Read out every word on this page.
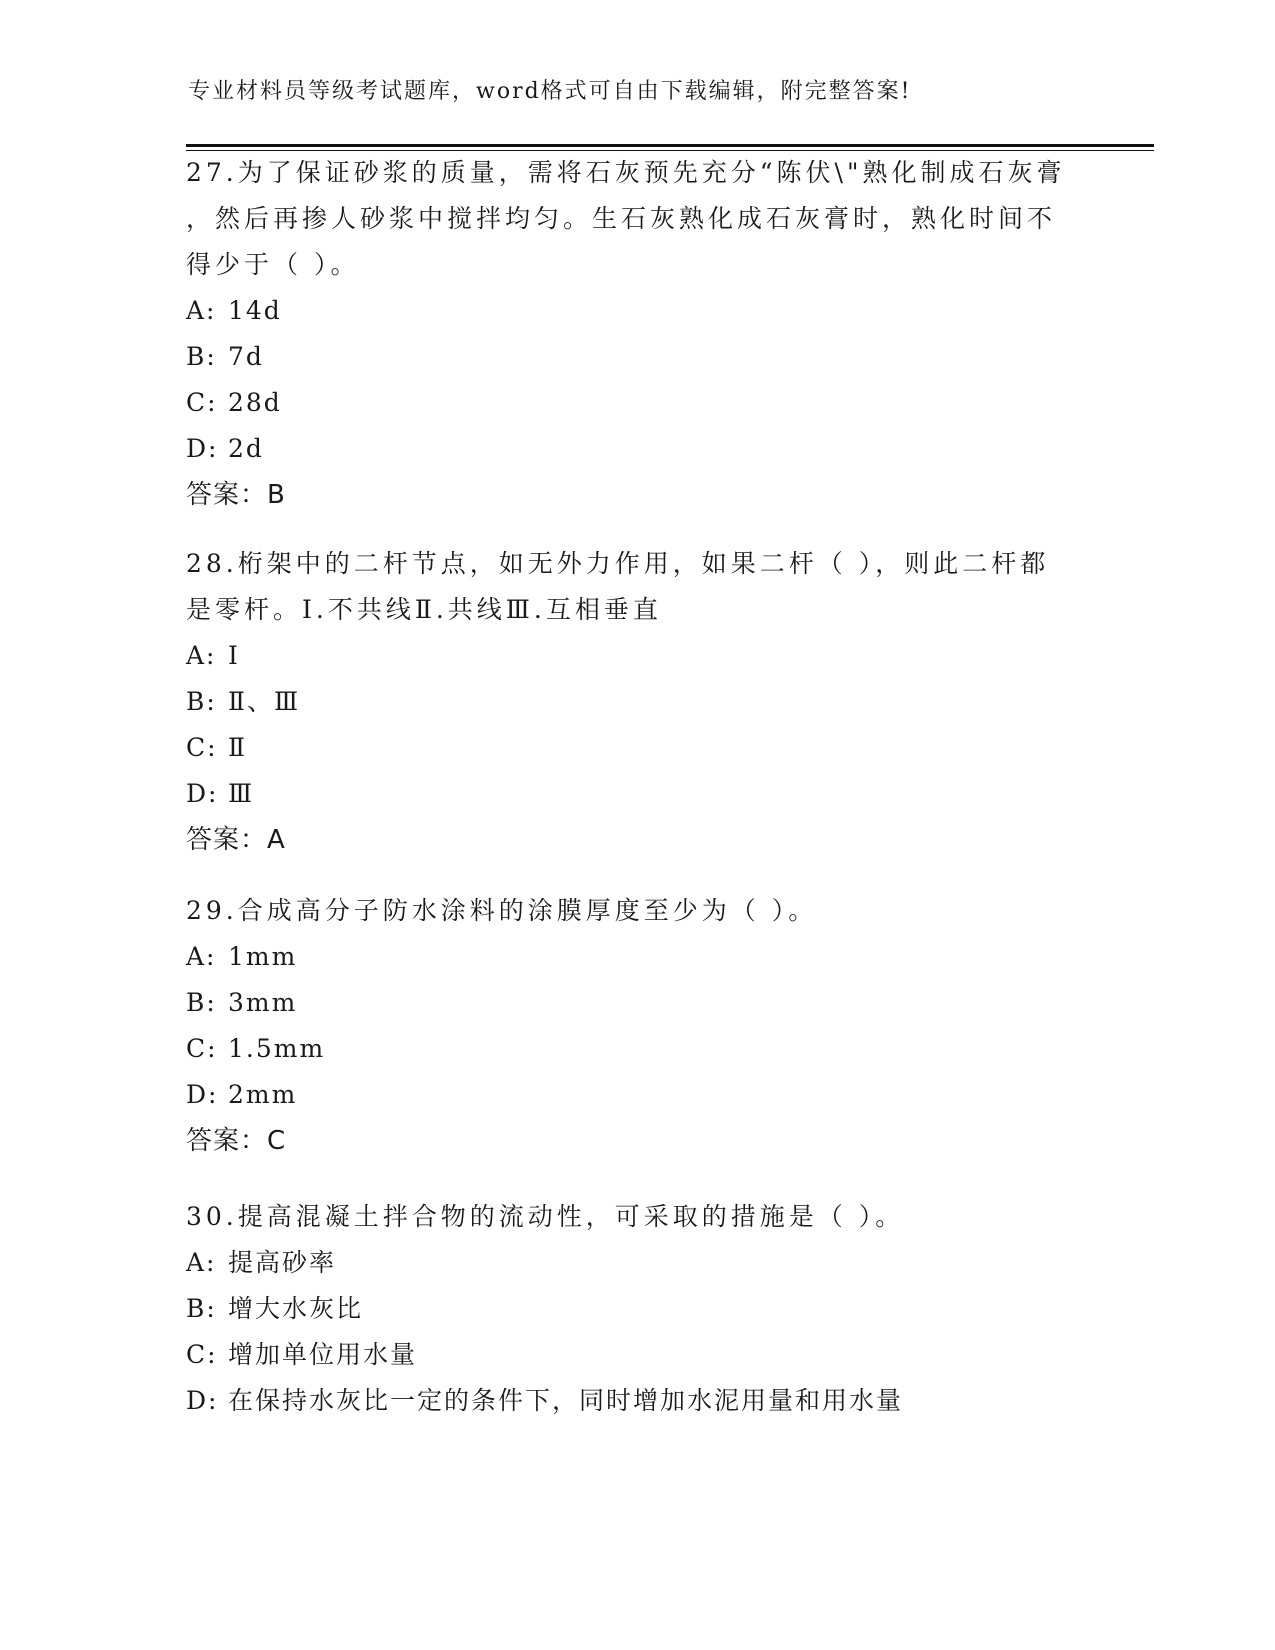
专业材料员等级考试题库，word格式可自由下载编辑，附完整答案!
27.为了保证砂浆的质量，需将石灰预先充分“陈伏\"熟化制成石灰膏
，然后再掺人砂浆中搅拌均匀。生石灰熟化成石灰膏时，熟化时间不
得少于（ ）。
A: 14d
B: 7d
C: 28d
D: 2d
答案：B
28.桁架中的二杆节点，如无外力作用，如果二杆（ ），则此二杆都
是零杆。I.不共线Ⅱ.共线Ⅲ.互相垂直
A: I
B: Ⅱ、Ⅲ
C: Ⅱ
D: Ⅲ
答案：A
29.合成高分子防水涂料的涂膜厚度至少为（ ）。
A: 1mm
B: 3mm
C: 1.5mm
D: 2mm
答案：C
30.提高混凝土拌合物的流动性，可采取的措施是（ ）。
A: 提高砂率
B: 增大水灰比
C: 增加单位用水量
D: 在保持水灰比一定的条件下，同时增加水泥用量和用水量
